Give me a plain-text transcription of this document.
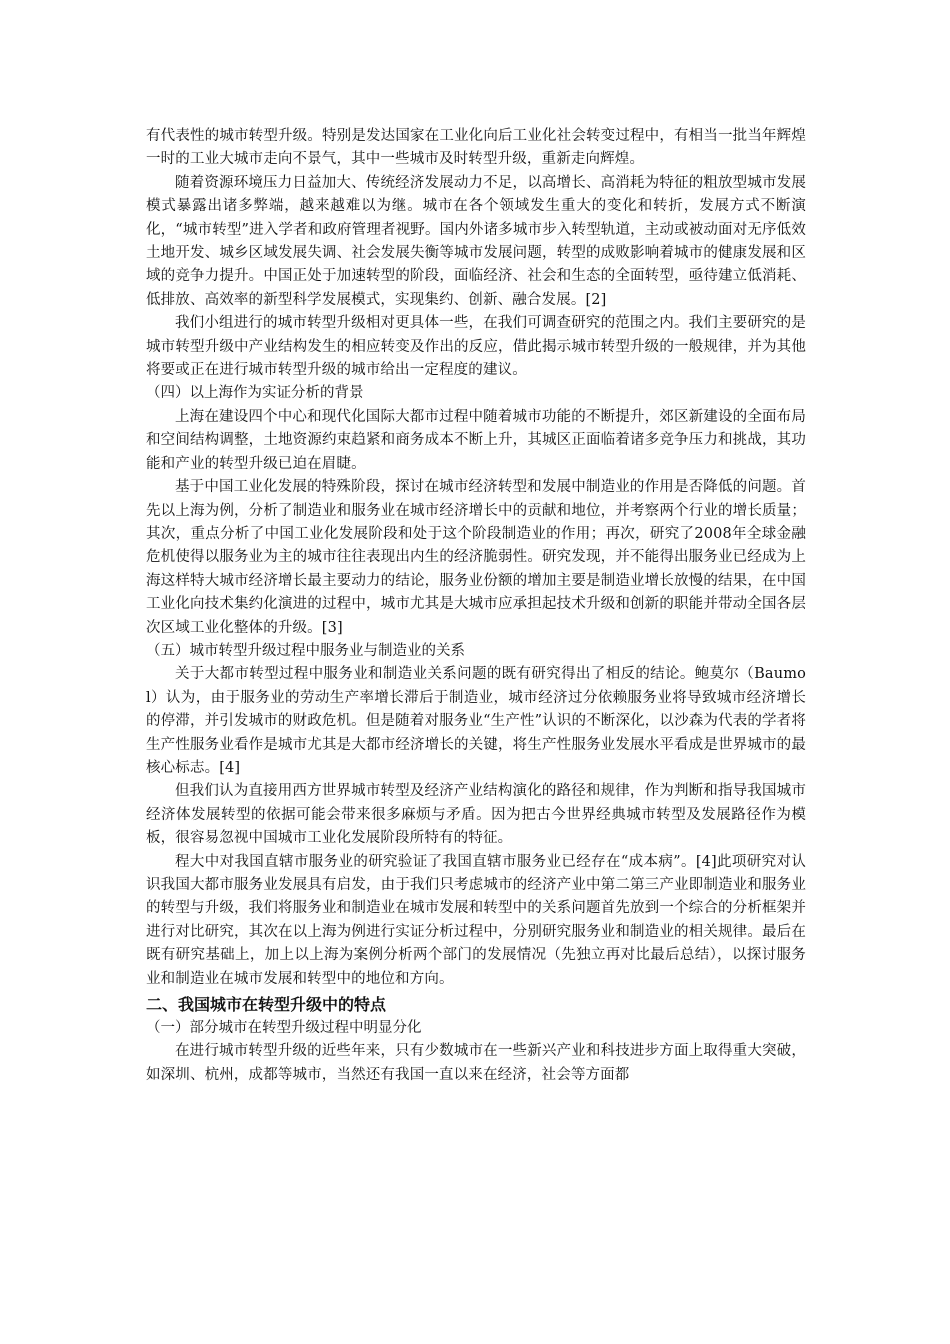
有代表性的城市转型升级。特别是发达国家在工业化向后工业化社会转变过程中，有相当一批当年辉煌一时的工业大城市走向不景气，其中一些城市及时转型升级，重新走向辉煌。

随着资源环境压力日益加大、传统经济发展动力不足，以高增长、高消耗为特征的粗放型城市发展模式暴露出诸多弊端，越来越难以为继。城市在各个领域发生重大的变化和转折，发展方式不断演化，“城市转型”进入学者和政府管理者视野。国内外诸多城市步入转型轨道，主动或被动面对无序低效土地开发、城乡区域发展失调、社会发展失衡等城市发展问题，转型的成败影响着城市的健康发展和区域的竞争力提升。中国正处于加速转型的阶段，面临经济、社会和生态的全面转型，亟待建立低消耗、低排放、高效率的新型科学发展模式，实现集约、创新、融合发展。[2]

我们小组进行的城市转型升级相对更具体一些，在我们可调查研究的范围之内。我们主要研究的是城市转型升级中产业结构发生的相应转变及作出的反应，借此揭示城市转型升级的一般规律，并为其他将要或正在进行城市转型升级的城市给出一定程度的建议。

（四）以上海作为实证分析的背景

上海在建设四个中心和现代化国际大都市过程中随着城市功能的不断提升，郊区新建设的全面布局和空间结构调整，土地资源约束趋紧和商务成本不断上升，其城区正面临着诸多竞争压力和挑战，其功能和产业的转型升级已迫在眉睫。

基于中国工业化发展的特殊阶段，探讨在城市经济转型和发展中制造业的作用是否降低的问题。首先以上海为例，分析了制造业和服务业在城市经济增长中的贡献和地位，并考察两个行业的增长质量；其次，重点分析了中国工业化发展阶段和处于这个阶段制造业的作用；再次，研究了2008年全球金融危机使得以服务业为主的城市往往表现出内生的经济脆弱性。研究发现，并不能得出服务业已经成为上海这样特大城市经济增长最主要动力的结论，服务业份额的增加主要是制造业增长放慢的结果，在中国工业化向技术集约化演进的过程中，城市尤其是大城市应承担起技术升级和创新的职能并带动全国各层次区域工业化整体的升级。[3]

（五）城市转型升级过程中服务业与制造业的关系

关于大都市转型过程中服务业和制造业关系问题的既有研究得出了相反的结论。鲍莫尔（Baumol）认为，由于服务业的劳动生产率增长滞后于制造业，城市经济过分依赖服务业将导致城市经济增长的停滞，并引发城市的财政危机。但是随着对服务业“生产性”认识的不断深化，以沙森为代表的学者将生产性服务业看作是城市尤其是大都市经济增长的关键，将生产性服务业发展水平看成是世界城市的最核心标志。[4]

但我们认为直接用西方世界城市转型及经济产业结构演化的路径和规律，作为判断和指导我国城市经济体发展转型的依据可能会带来很多麻烦与矛盾。因为把古今世界经典城市转型及发展路径作为模板，很容易忽视中国城市工业化发展阶段所特有的特征。

程大中对我国直辖市服务业的研究验证了我国直辖市服务业已经存在“成本病”。[4]此项研究对认识我国大都市服务业发展具有启发，由于我们只考虑城市的经济产业中第二第三产业即制造业和服务业的转型与升级，我们将服务业和制造业在城市发展和转型中的关系问题首先放到一个综合的分析框架并进行对比研究，其次在以上海为例进行实证分析过程中，分别研究服务业和制造业的相关规律。最后在既有研究基础上，加上以上海为案例分析两个部门的发展情况（先独立再对比最后总结），以探讨服务业和制造业在城市发展和转型中的地位和方向。

二、我国城市在转型升级中的特点

（一）部分城市在转型升级过程中明显分化

在进行城市转型升级的近些年来，只有少数城市在一些新兴产业和科技进步方面上取得重大突破，如深圳、杭州，成都等城市，当然还有我国一直以来在经济，社会等方面都
